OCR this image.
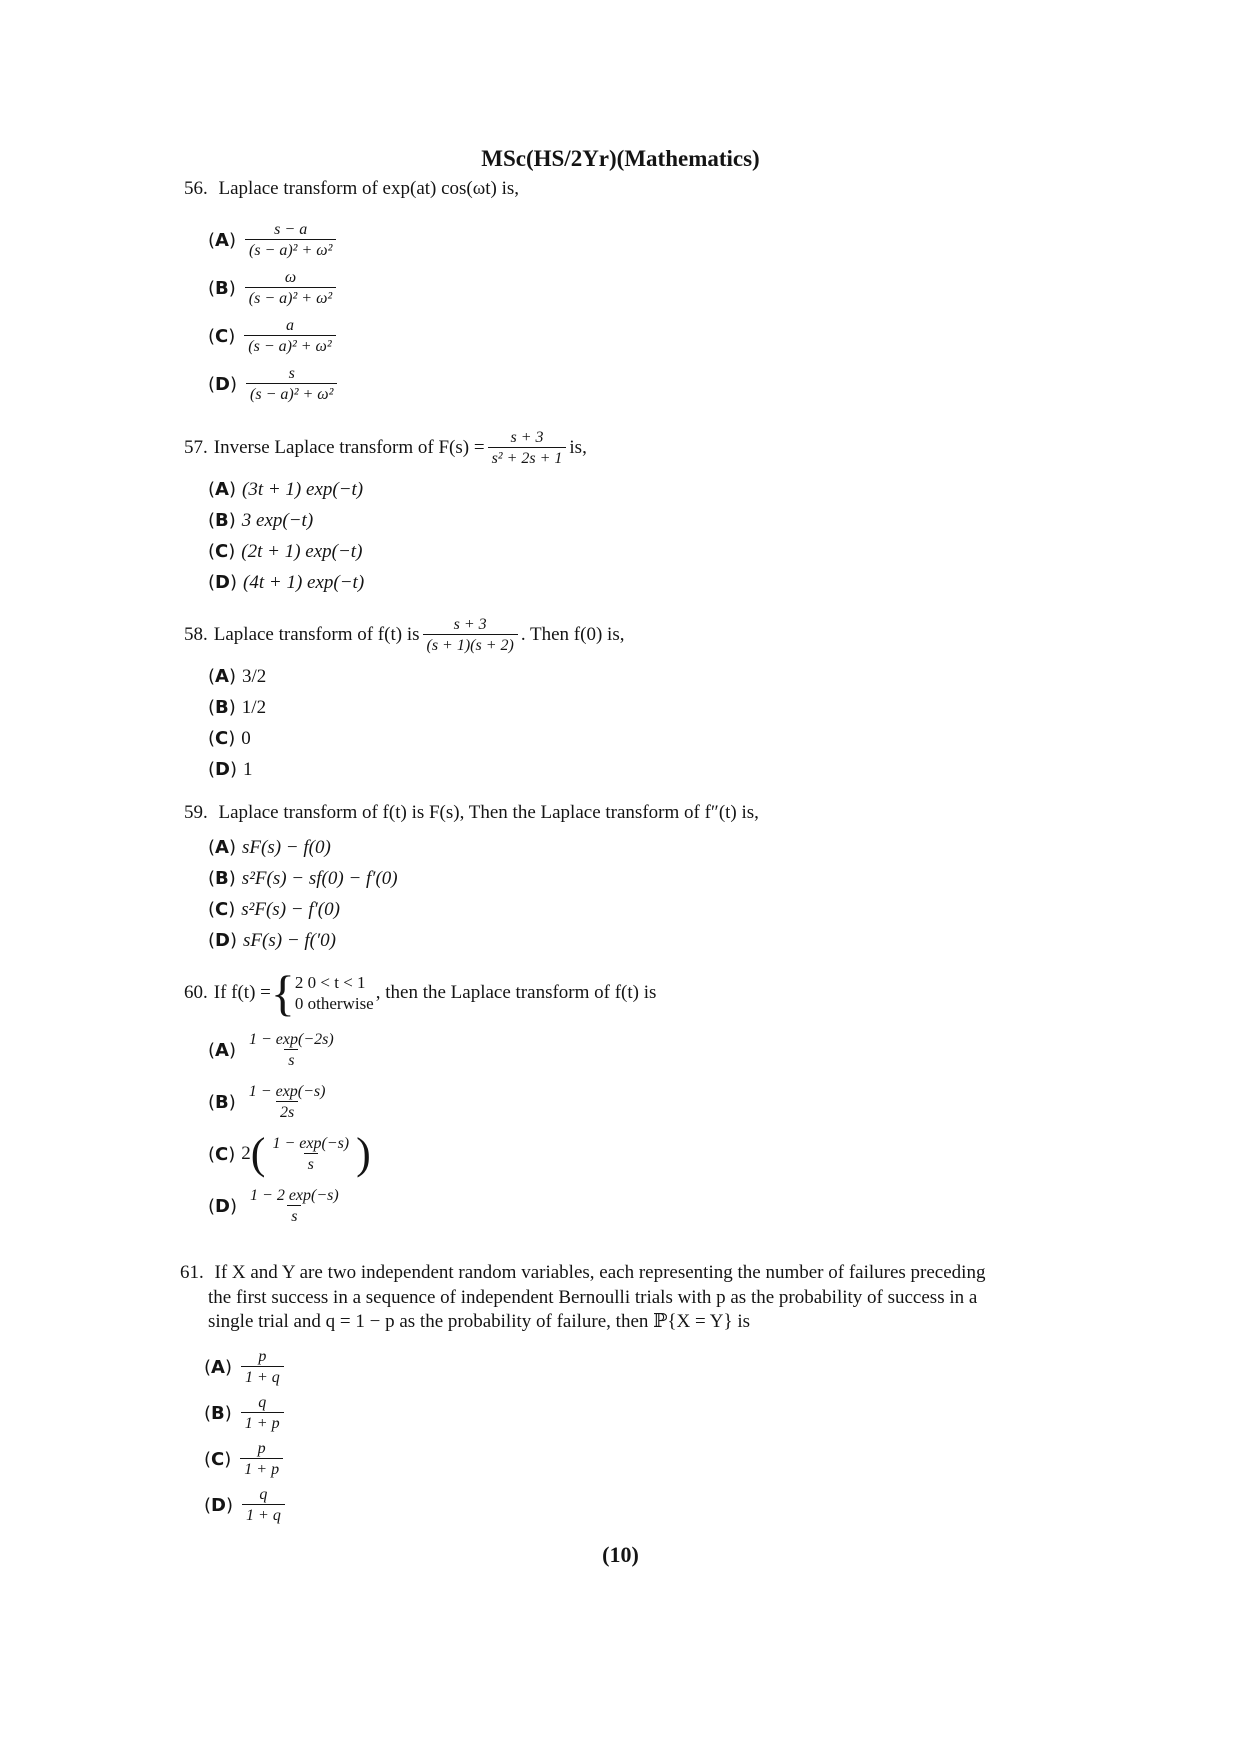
MSc(HS/2Yr)(Mathematics)
56. Laplace transform of exp(at) cos(ωt) is,
$(A) \frac{s - a}{\text{(s − a)² + ω²}}$
$(B) \frac{\omega}{\text{(s − a)² + ω²}}$
$(C) \frac{a}{\text{(s − a)² + ω²}}$
$(D) \frac{s}{\text{(s − a)² + ω²}}$
57. Inverse Laplace transform of $F(s) = \frac{s + 3}{\text{s² + 2s + 1}}$ is,
(A) (3t + 1) exp(−t)
(B) 3 exp(−t)
(C) (2t + 1) exp(−t)
(D) (4t + 1) exp(−t)
58. Laplace transform of f(t) is $\frac{s + 3}{(s + 1)(s + 2)}$ . Then f(0) is,
(A) 3/2
(B) 1/2
(C) 0
(D) 1
59. Laplace transform of f(t) is F(s), Then the Laplace transform of f″(t) is,
(A) sF(s) − f(0)
(B) s²F(s) − sf(0) − f′(0)
(C) s²F(s) − f′(0)
(D) sF(s) − f(′0)
60. If f(t) = { 2 0 < t < 1
0 otherwise
, then the Laplace transform of f(t) is
$(A) \frac{1 - \exp(-2s)}{s}$
$(B) \frac{1 - \exp(-s)}{2s}$
(C) 2 ( $\frac{1 - \exp(-s)}{s}$ )
$(D) \frac{1 - 2 \exp(-s)}{s}$
61. If X and Y are two independent random variables, each representing the number of failures preceding
the first success in a sequence of independent Bernoulli trials with p as the probability of success in a
single trial and q = 1 − p as the probability of failure, then ℙ{X = Y} is
$(A) \frac{p}{1 + q}$
$(B) \frac{q}{1 + p}$
$(C) \frac{p}{1 + p}$
$(D) \frac{q}{1 + q}$
(10)
